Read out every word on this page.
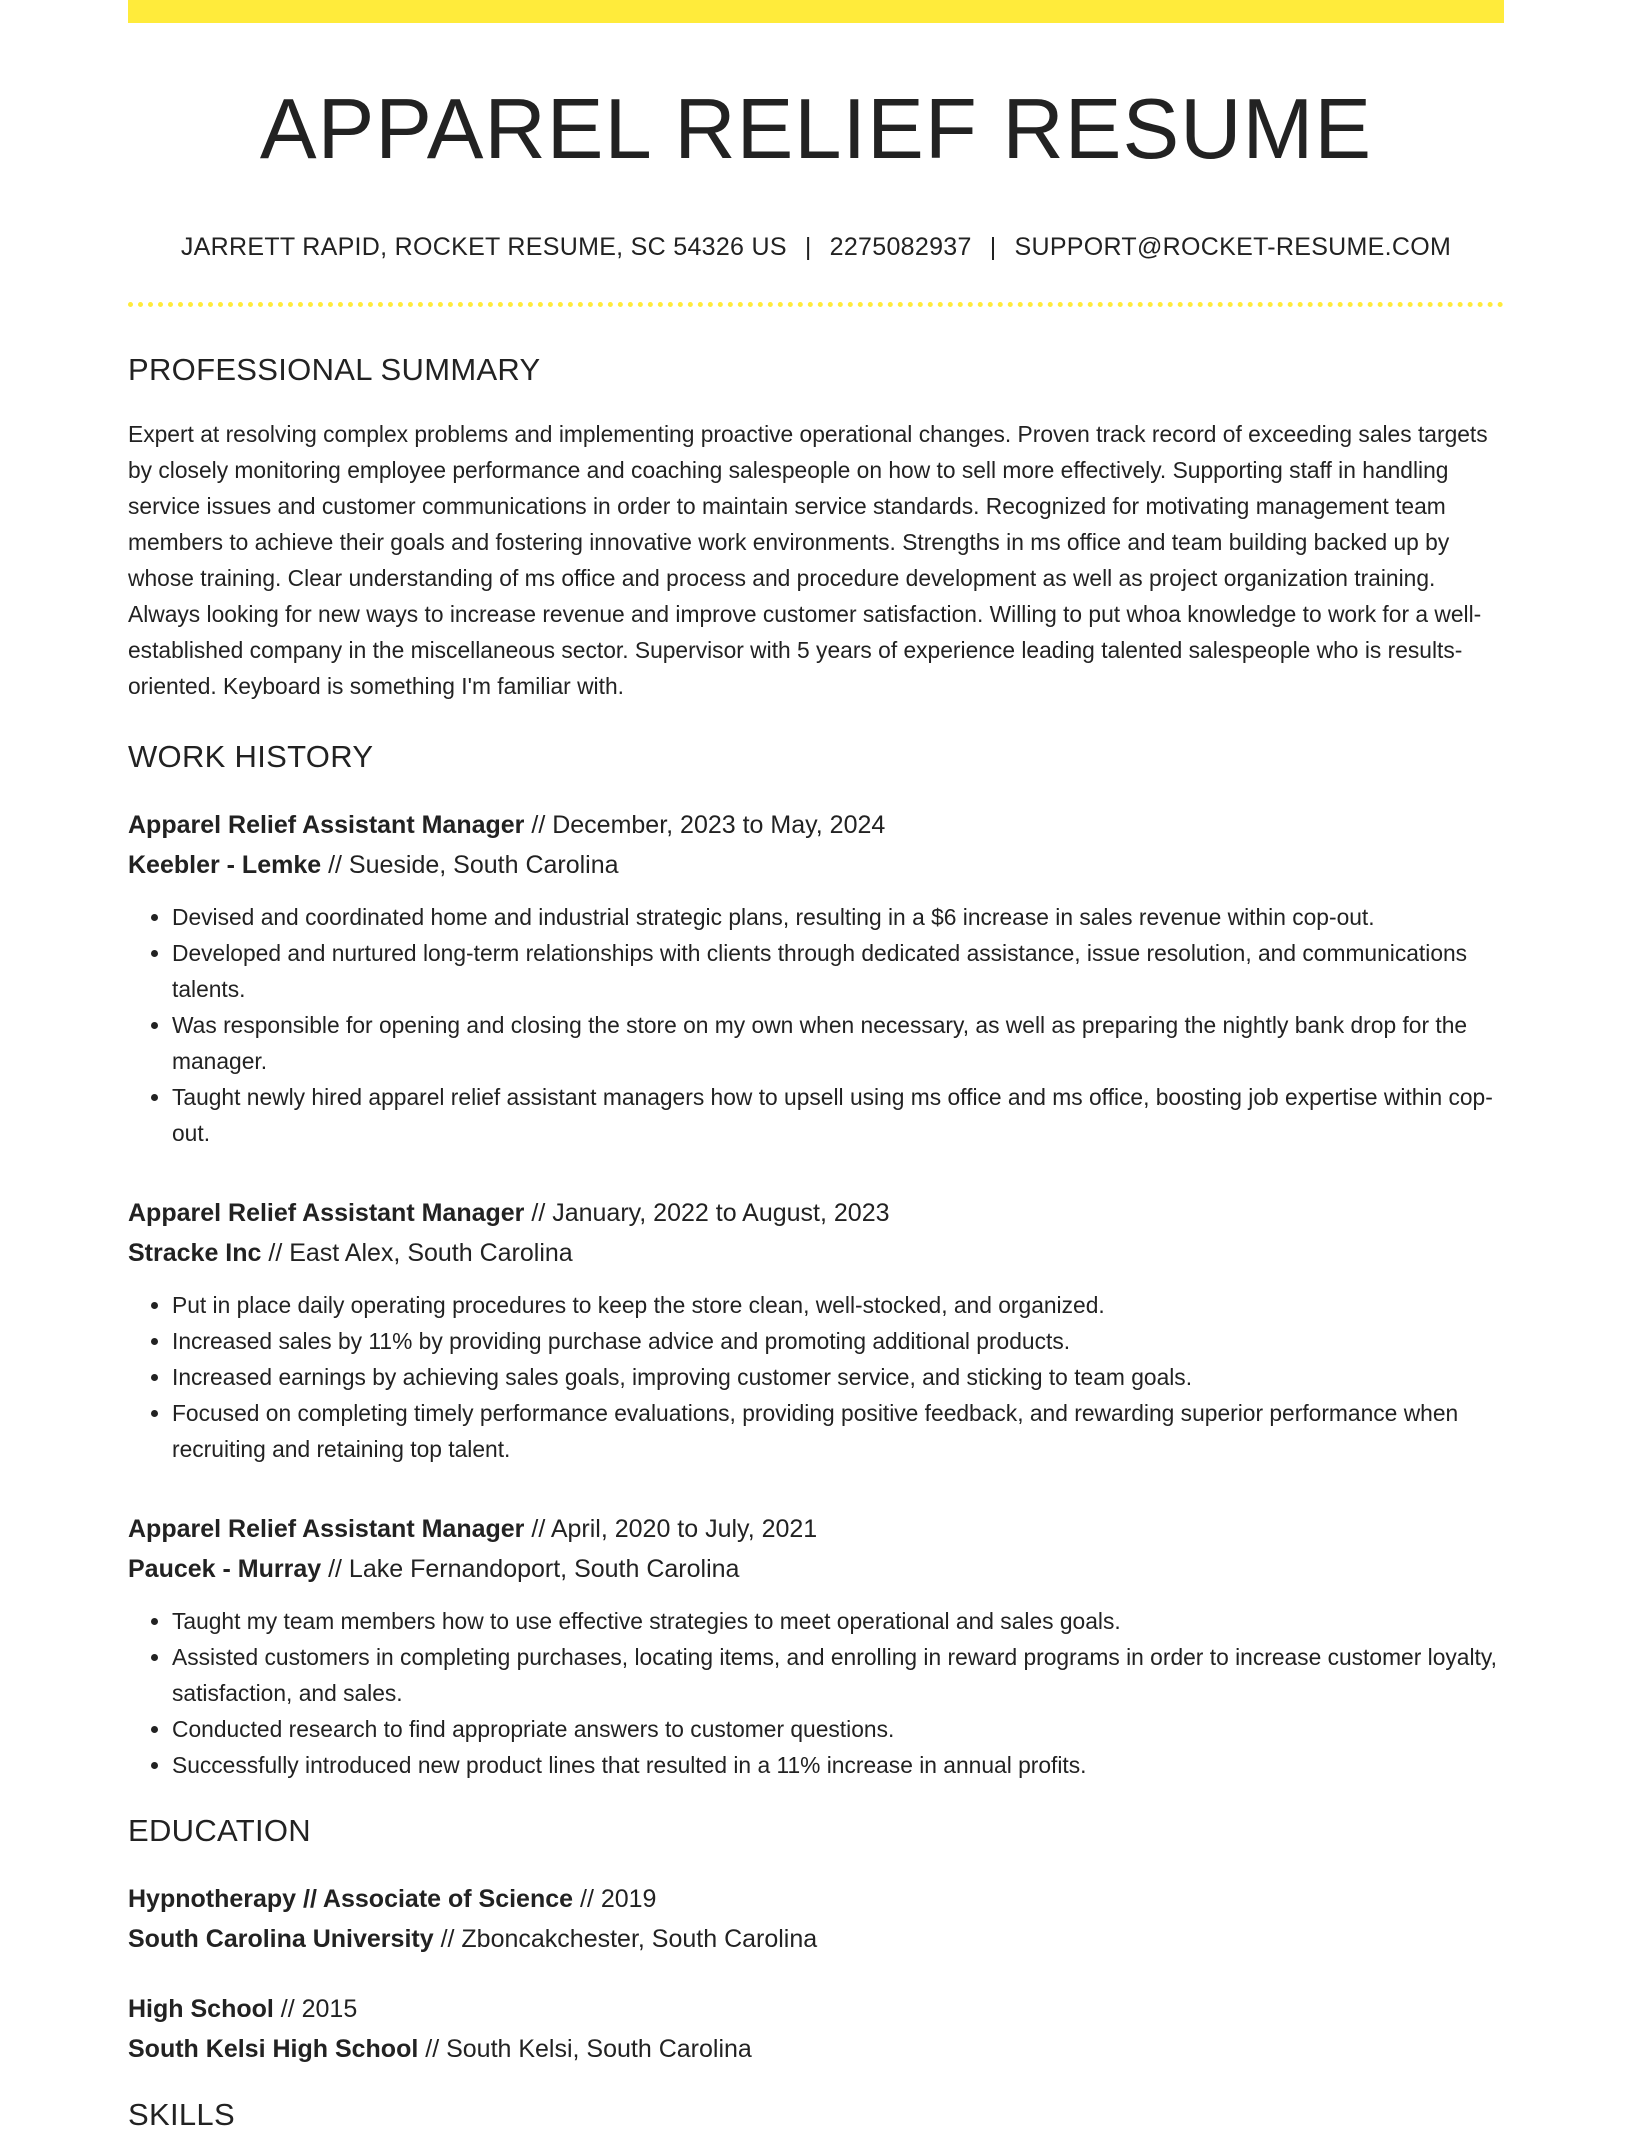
APPAREL RELIEF RESUME
JARRETT RAPID, ROCKET RESUME, SC 54326 US | 2275082937 | SUPPORT@ROCKET-RESUME.COM
PROFESSIONAL SUMMARY
Expert at resolving complex problems and implementing proactive operational changes. Proven track record of exceeding sales targets by closely monitoring employee performance and coaching salespeople on how to sell more effectively. Supporting staff in handling service issues and customer communications in order to maintain service standards. Recognized for motivating management team members to achieve their goals and fostering innovative work environments. Strengths in ms office and team building backed up by whose training. Clear understanding of ms office and process and procedure development as well as project organization training. Always looking for new ways to increase revenue and improve customer satisfaction. Willing to put whoa knowledge to work for a well-established company in the miscellaneous sector. Supervisor with 5 years of experience leading talented salespeople who is results-oriented. Keyboard is something I'm familiar with.
WORK HISTORY
Apparel Relief Assistant Manager // December, 2023 to May, 2024
Keebler - Lemke // Sueside, South Carolina
• Devised and coordinated home and industrial strategic plans, resulting in a $6 increase in sales revenue within cop-out.
• Developed and nurtured long-term relationships with clients through dedicated assistance, issue resolution, and communications talents.
• Was responsible for opening and closing the store on my own when necessary, as well as preparing the nightly bank drop for the manager.
• Taught newly hired apparel relief assistant managers how to upsell using ms office and ms office, boosting job expertise within cop-out.
Apparel Relief Assistant Manager // January, 2022 to August, 2023
Stracke Inc // East Alex, South Carolina
• Put in place daily operating procedures to keep the store clean, well-stocked, and organized.
• Increased sales by 11% by providing purchase advice and promoting additional products.
• Increased earnings by achieving sales goals, improving customer service, and sticking to team goals.
• Focused on completing timely performance evaluations, providing positive feedback, and rewarding superior performance when recruiting and retaining top talent.
Apparel Relief Assistant Manager // April, 2020 to July, 2021
Paucek - Murray // Lake Fernandoport, South Carolina
• Taught my team members how to use effective strategies to meet operational and sales goals.
• Assisted customers in completing purchases, locating items, and enrolling in reward programs in order to increase customer loyalty, satisfaction, and sales.
• Conducted research to find appropriate answers to customer questions.
• Successfully introduced new product lines that resulted in a 11% increase in annual profits.
EDUCATION
Hypnotherapy // Associate of Science // 2019
South Carolina University // Zboncakchester, South Carolina
High School // 2015
South Kelsi High School // South Kelsi, South Carolina
SKILLS
